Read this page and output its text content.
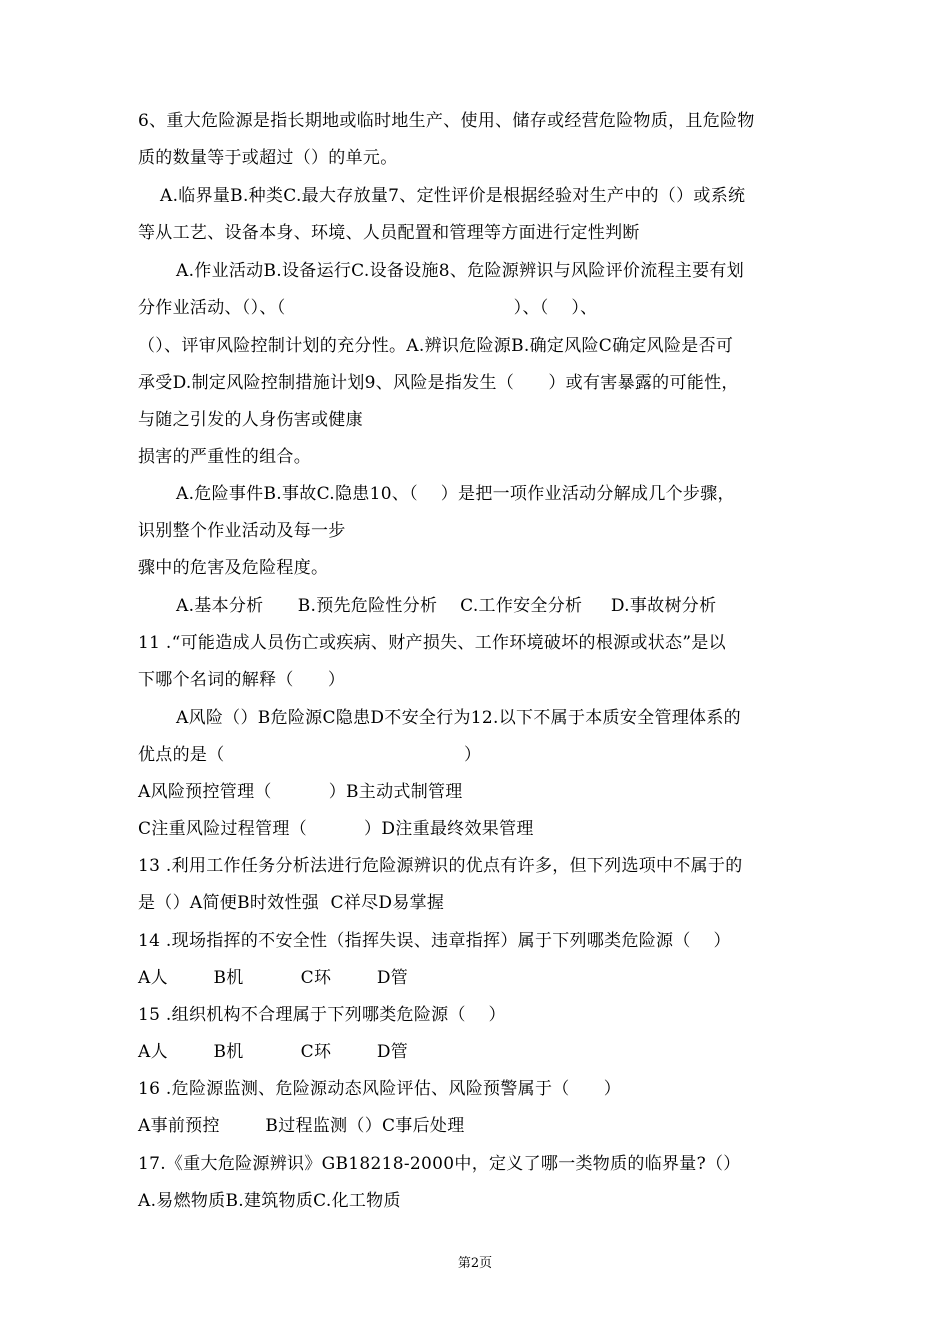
6、重大危险源是指长期地或临时地生产、使用、储存或经营危险物质，且危险物
质的数量等于或超过（）的单元。
A.临界量B.种类C.最大存放量7、定性评价是根据经验对生产中的（）或系统
等从工艺、设备本身、环境、人员配置和管理等方面进行定性判断
A.作业活动B.设备运行C.设备设施8、危险源辨识与风险评价流程主要有划
分作业活动、（）、（                                        ）、（    ）、
（）、评审风险控制计划的充分性。A.辨识危险源B.确定风险C确定风险是否可
承受D.制定风险控制措施计划9、风险是指发生（      ）或有害暴露的可能性，
与随之引发的人身伤害或健康
损害的严重性的组合。
A.危险事件B.事故C.隐患10、（    ）是把一项作业活动分解成几个步骤，
识别整个作业活动及每一步
骤中的危害及危险程度。
A.基本分析      B.预先危险性分析    C.工作安全分析     D.事故树分析
11 .“可能造成人员伤亡或疾病、财产损失、工作环境破坏的根源或状态”是以
下哪个名词的解释（      ）
A风险（）B危险源C隐患D不安全行为12.以下不属于本质安全管理体系的
优点的是（                                          ）
A风险预控管理（          ）B主动式制管理
C注重风险过程管理（          ）D注重最终效果管理
13 .利用工作任务分析法进行危险源辨识的优点有许多，但下列选项中不属于的
是（）A简便B时效性强  C祥尽D易掌握
14 .现场指挥的不安全性（指挥失误、违章指挥）属于下列哪类危险源（    ）
A人        B机          C环        D管
15 .组织机构不合理属于下列哪类危险源（    ）
A人        B机          C环        D管
16 .危险源监测、危险源动态风险评估、风险预警属于（      ）
A事前预控        B过程监测（）C事后处理
17.《重大危险源辨识》GB18218-2000中，定义了哪一类物质的临界量?（）
A.易燃物质B.建筑物质C.化工物质
第2页
